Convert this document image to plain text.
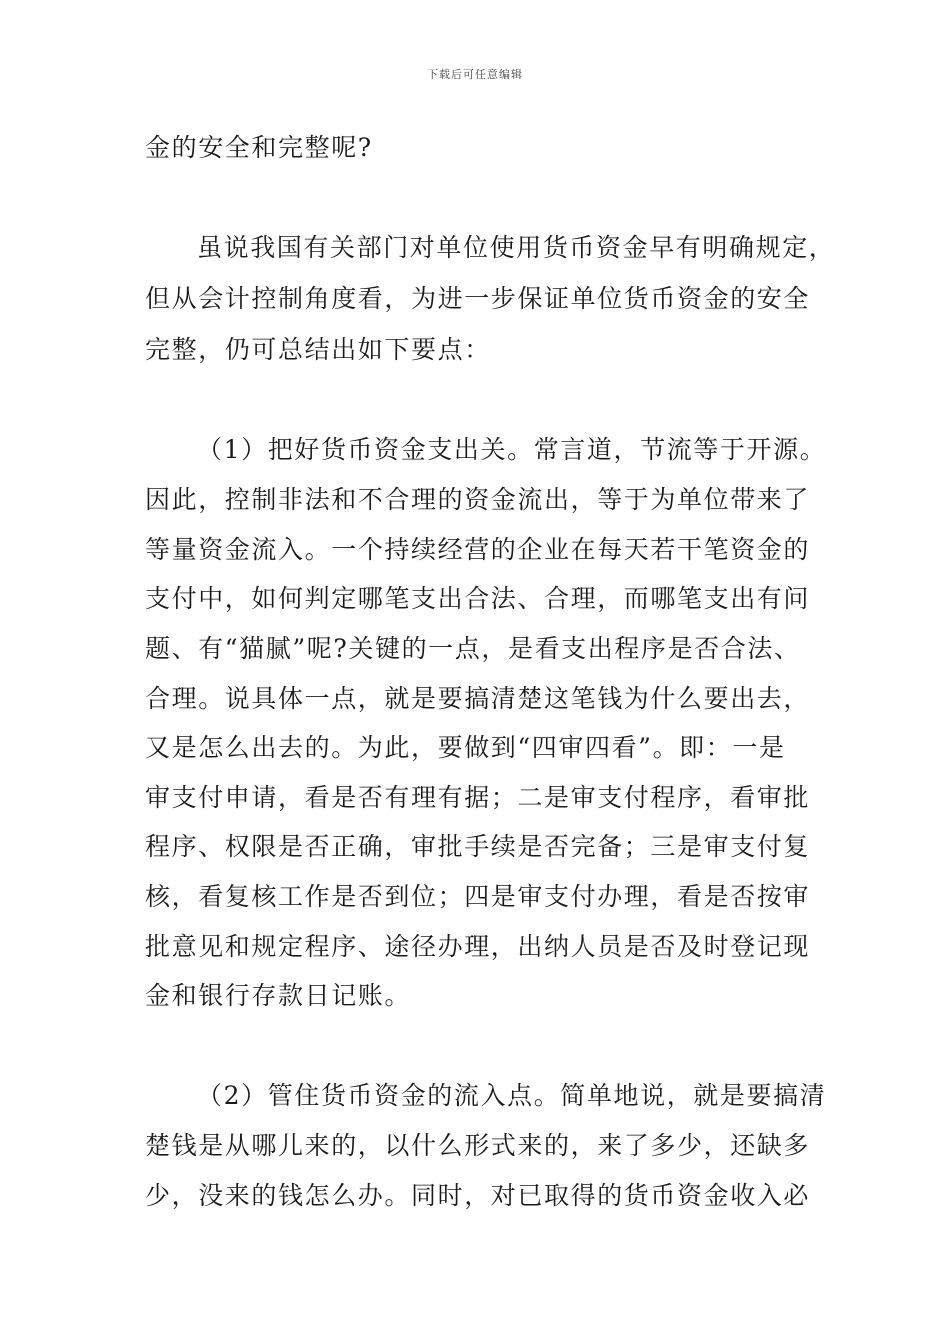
下载后可任意编辑
金的安全和完整呢?
虽说我国有关部门对单位使用货币资金早有明确规定，
但从会计控制角度看，为进一步保证单位货币资金的安全
完整，仍可总结出如下要点：
（1）把好货币资金支出关。常言道，节流等于开源。
因此，控制非法和不合理的资金流出，等于为单位带来了
等量资金流入。一个持续经营的企业在每天若干笔资金的
支付中，如何判定哪笔支出合法、合理，而哪笔支出有问
题、有“猫腻”呢?关键的一点，是看支出程序是否合法、
合理。说具体一点，就是要搞清楚这笔钱为什么要出去，
又是怎么出去的。为此，要做到“四审四看”。即：一是
审支付申请，看是否有理有据；二是审支付程序，看审批
程序、权限是否正确，审批手续是否完备；三是审支付复
核，看复核工作是否到位；四是审支付办理，看是否按审
批意见和规定程序、途径办理，出纳人员是否及时登记现
金和银行存款日记账。
（2）管住货币资金的流入点。简单地说，就是要搞清
楚钱是从哪儿来的，以什么形式来的，来了多少，还缺多
少，没来的钱怎么办。同时，对已取得的货币资金收入必
